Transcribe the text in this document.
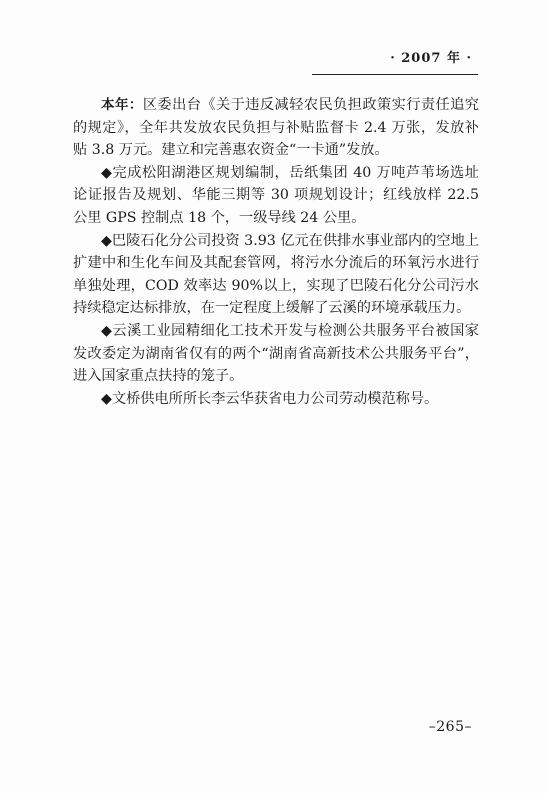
· 2007 年 ·

本年：区委出台《关于违反减轻农民负担政策实行责任追究的规定》，全年共发放农民负担与补贴监督卡 2.4 万张，发放补贴 3.8 万元。建立和完善惠农资金“一卡通”发放。

◆完成松阳湖港区规划编制，岳纸集团 40 万吨芦苇场选址论证报告及规划、华能三期等 30 项规划设计；红线放样 22.5 公里 GPS 控制点 18 个，一级导线 24 公里。

◆巴陵石化分公司投资 3.93 亿元在供排水事业部内的空地上扩建中和生化车间及其配套管网，将污水分流后的环氧污水进行单独处理，COD 效率达 90%以上，实现了巴陵石化分公司污水持续稳定达标排放，在一定程度上缓解了云溪的环境承载压力。

◆云溪工业园精细化工技术开发与检测公共服务平台被国家发改委定为湖南省仅有的两个“湖南省高新技术公共服务平台”，进入国家重点扶持的笼子。

◆文桥供电所所长李云华获省电力公司劳动模范称号。

–265–
